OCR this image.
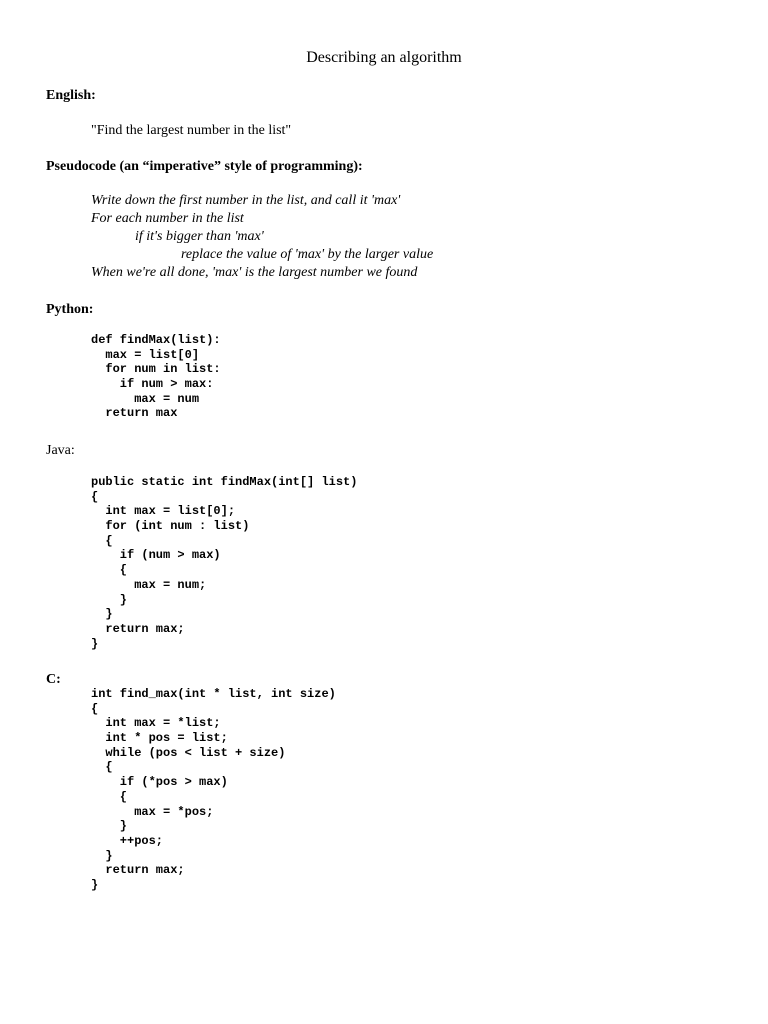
Describing an algorithm
English:
"Find the largest number in the list"
Pseudocode (an “imperative” style of programming):
Write down the first number in the list, and call it 'max'
For each number in the list
if it's bigger than 'max'
replace the value of 'max' by the larger value
When we're all done, 'max' is the largest number we found
Python:
def findMax(list):
max = list[0]
for num in list:
if num > max:
max = num
return max
Java:
public static int findMax(int[] list)
{
int max = list[0];
for (int num : list)
{
if (num > max)
{
max = num;
}
}
return max;
}
C:
int find_max(int * list, int size)
{
int max = *list;
int * pos = list;
while (pos < list + size)
{
if (*pos > max)
{
max = *pos;
}
++pos;
}
return max;
}
